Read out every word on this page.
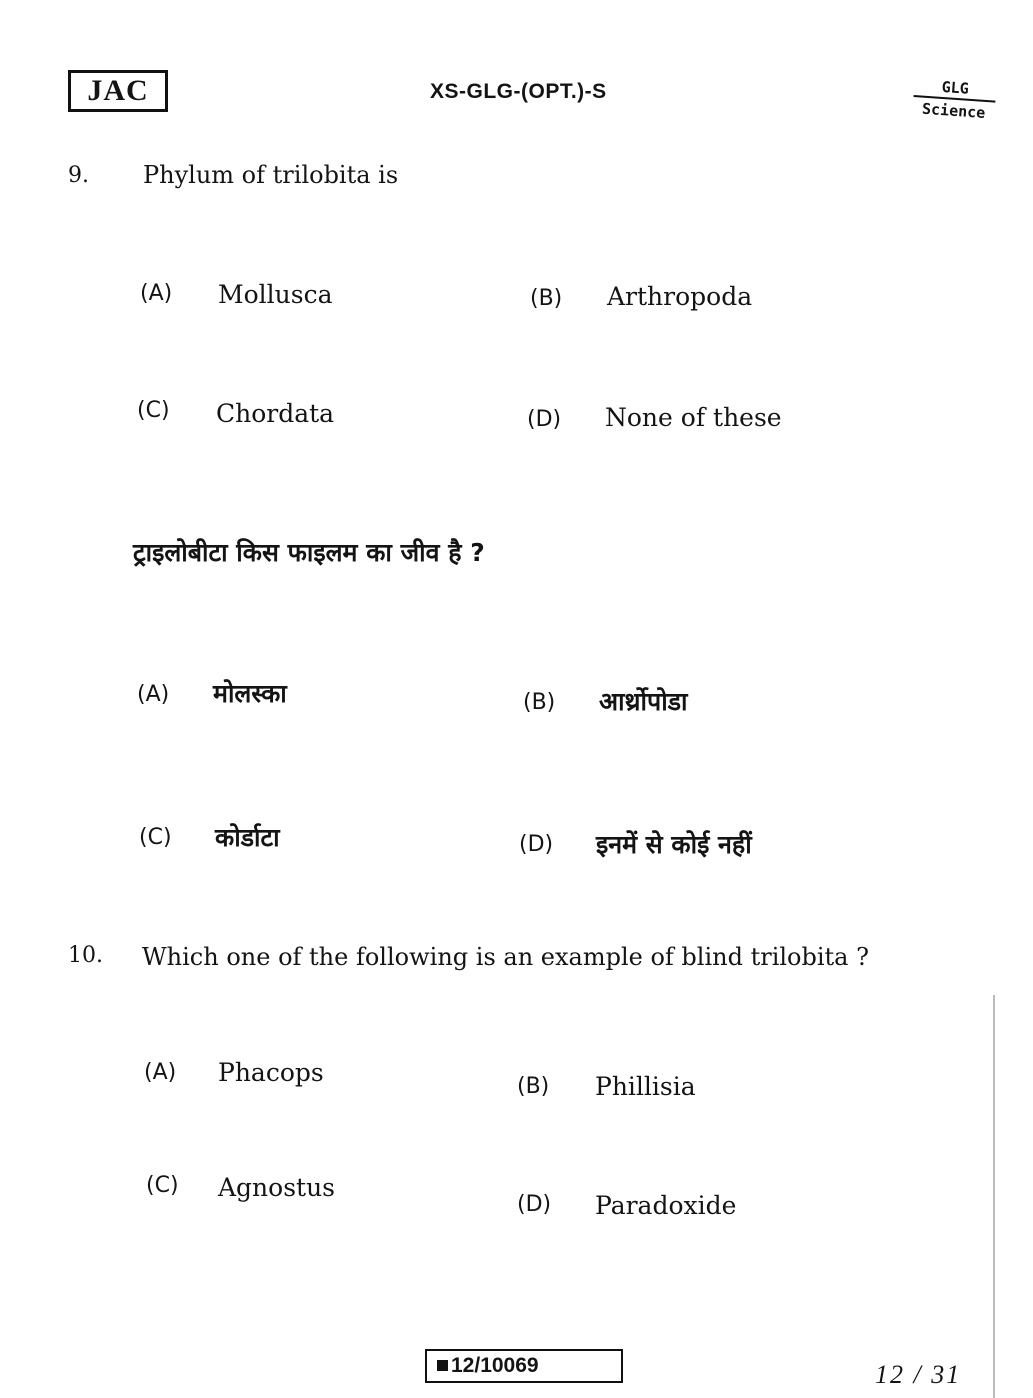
JAC	XS-GLG-(OPT.)-S	GLG
Science
9. Phylum of trilobita is
(A) Mollusca	(B) Arthropoda
(C) Chordata	(D) None of these
ट्राइलोबीटा किस फाइलम का जीव है ?
(A) मोलस्का	(B) आर्थ्रोपोडा
(C) कोर्डाटा	(D) इनमें से कोई नहीं
10. Which one of the following is an example of blind trilobita ?
(A) Phacops	(B) Phillisia
(C) Agnostus
(D) Paradoxide
12/10069	12 / 31
